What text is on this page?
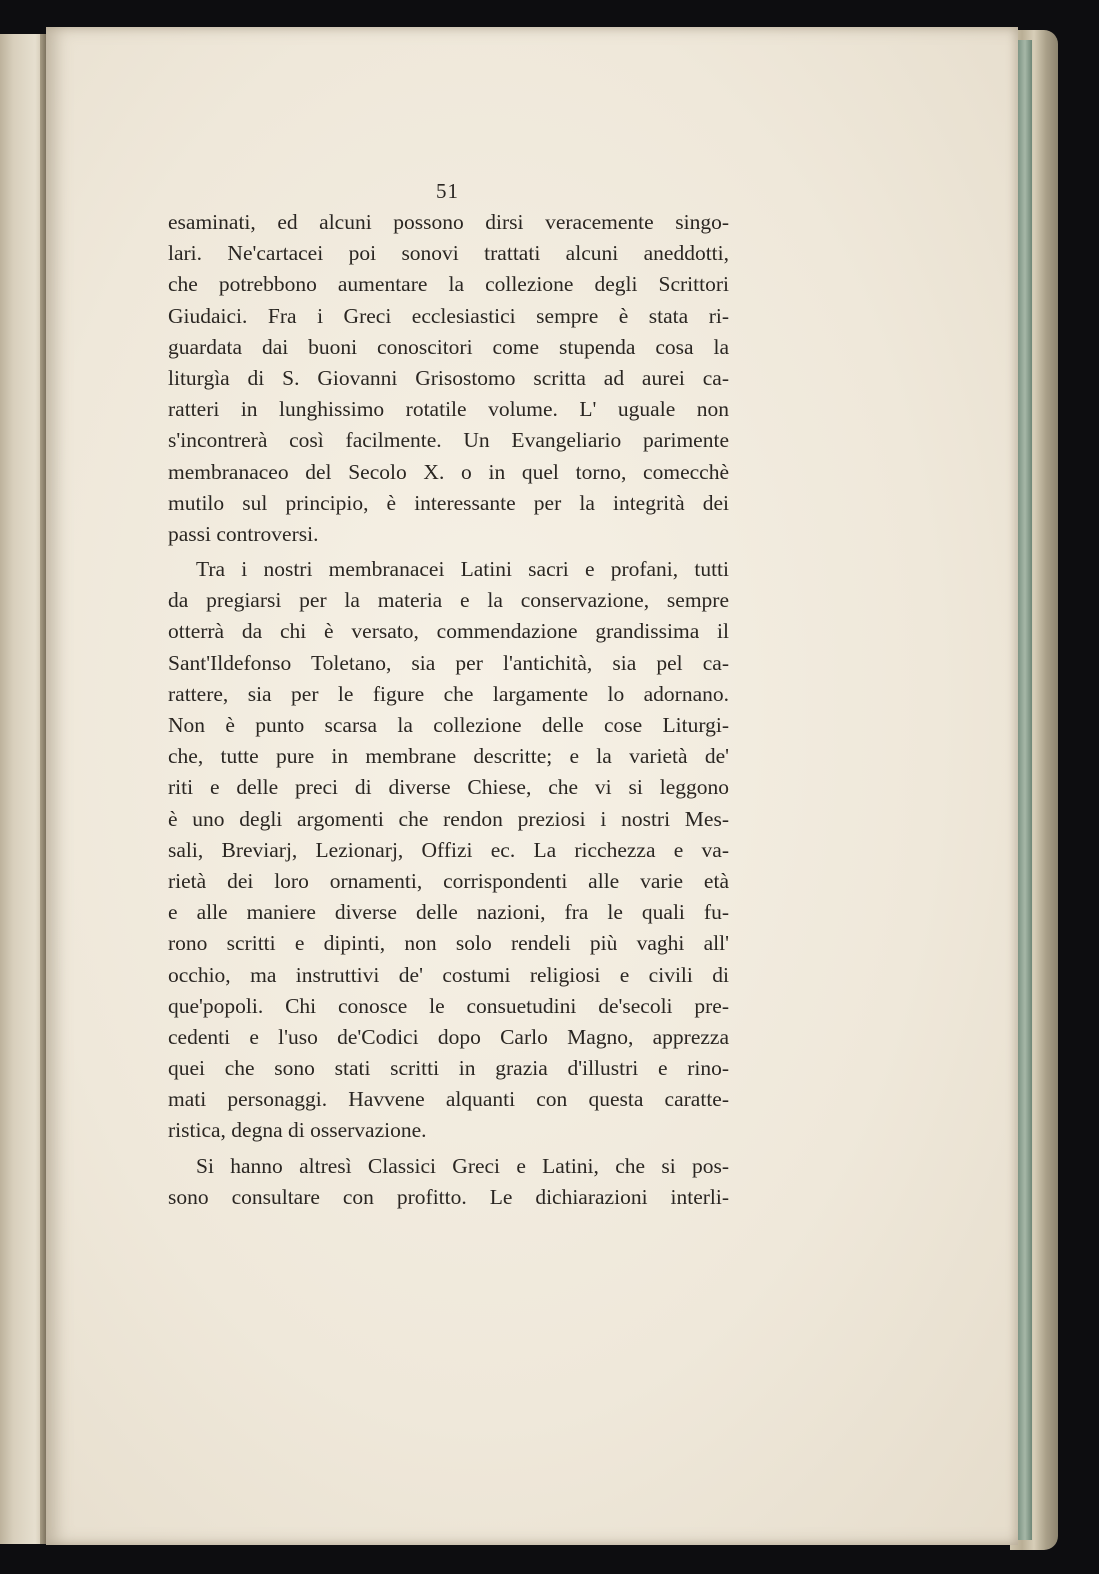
51
esaminati, ed alcuni possono dirsi veracemente singo-
lari. Ne'cartacei poi sonovi trattati alcuni aneddotti,
che potrebbono aumentare la collezione degli Scrittori
Giudaici. Fra i Greci ecclesiastici sempre è stata ri-
guardata dai buoni conoscitori come stupenda cosa la
liturgìa di S. Giovanni Grisostomo scritta ad aurei ca-
ratteri in lunghissimo rotatile volume. L' uguale non
s'incontrerà così facilmente. Un Evangeliario parimente
membranaceo del Secolo X. o in quel torno, comecchè
mutilo sul principio, è interessante per la integrità dei
passi controversi.
Tra i nostri membranacei Latini sacri e profani, tutti
da pregiarsi per la materia e la conservazione, sempre
otterrà da chi è versato, commendazione grandissima il
Sant'Ildefonso Toletano, sia per l'antichità, sia pel ca-
rattere, sia per le figure che largamente lo adornano.
Non è punto scarsa la collezione delle cose Liturgi-
che, tutte pure in membrane descritte; e la varietà de'
riti e delle preci di diverse Chiese, che vi si leggono
è uno degli argomenti che rendon preziosi i nostri Mes-
sali, Breviarj, Lezionarj, Offizi ec. La ricchezza e va-
rietà dei loro ornamenti, corrispondenti alle varie età
e alle maniere diverse delle nazioni, fra le quali fu-
rono scritti e dipinti, non solo rendeli più vaghi all'
occhio, ma instruttivi de' costumi religiosi e civili di
que'popoli. Chi conosce le consuetudini de'secoli pre-
cedenti e l'uso de'Codici dopo Carlo Magno, apprezza
quei che sono stati scritti in grazia d'illustri e rino-
mati personaggi. Havvene alquanti con questa caratte-
ristica, degna di osservazione.
Si hanno altresì Classici Greci e Latini, che si pos-
sono consultare con profitto. Le dichiarazioni interli-
